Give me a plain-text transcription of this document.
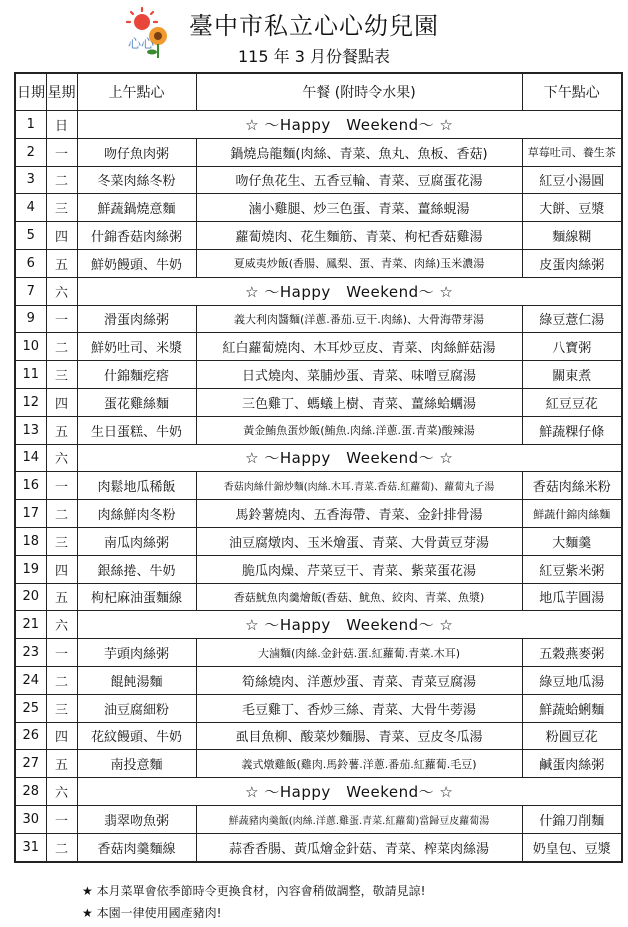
心心
臺中市私立心心幼兒園
115 年 3 月份餐點表
日期	星期	上午點心	午餐 (附時令水果)	下午點心
1	日	☆ ～Happy　Weekend～ ☆		
2	一	吻仔魚肉粥	鍋燒烏龍麵(肉絲、青菜、魚丸、魚板、香菇)	草莓吐司、養生茶
3	二	冬菜肉絲冬粉	吻仔魚花生、五香豆輪、青菜、豆腐蛋花湯	紅豆小湯圓
4	三	鮮蔬鍋燒意麵	滷小雞腿、炒三色蛋、青菜、薑絲蜆湯	大餅、豆漿
5	四	什錦香菇肉絲粥	蘿蔔燒肉、花生麵筋、青菜、枸杞香菇雞湯	麵線糊
6	五	鮮奶饅頭、牛奶	夏威夷炒飯(香腸、鳳梨、蛋、青菜、肉絲)玉米濃湯	皮蛋肉絲粥
7	六	☆ ～Happy　Weekend～ ☆		
9	一	滑蛋肉絲粥	義大利肉醬麵(洋蔥.番茄.豆干.肉絲)、大骨海帶芽湯	綠豆薏仁湯
10	二	鮮奶吐司、米漿	紅白蘿蔔燒肉、木耳炒豆皮、青菜、肉絲鮮菇湯	八寶粥
11	三	什錦麵疙瘩	日式燒肉、菜脯炒蛋、青菜、味噌豆腐湯	關東煮
12	四	蛋花雞絲麵	三色雞丁、螞蟻上樹、青菜、薑絲蛤蠣湯	紅豆豆花
13	五	生日蛋糕、牛奶	黃金鮪魚蛋炒飯(鮪魚.肉絲.洋蔥.蛋.青菜)酸辣湯	鮮蔬粿仔條
14	六	☆ ～Happy　Weekend～ ☆		
16	一	肉鬆地瓜稀飯	香菇肉絲什錦炒麵(肉絲.木耳.青菜.香菇.紅蘿蔔)、蘿蔔丸子湯	香菇肉絲米粉
17	二	肉絲鮮肉冬粉	馬鈴薯燒肉、五香海帶、青菜、金針排骨湯	鮮蔬什錦肉絲麵
18	三	南瓜肉絲粥	油豆腐燉肉、玉米燴蛋、青菜、大骨黃豆芽湯	大麵羹
19	四	銀絲捲、牛奶	脆瓜肉燥、芹菜豆干、青菜、紫菜蛋花湯	紅豆紫米粥
20	五	枸杞麻油蛋麵線	香菇魷魚肉羹燴飯(香菇、魷魚、絞肉、青菜、魚漿)	地瓜芋圓湯
21	六	☆ ～Happy　Weekend～ ☆		
23	一	芋頭肉絲粥	大滷麵(肉絲.金針菇.蛋.紅蘿蔔.青菜.木耳)	五穀燕麥粥
24	二	餛飩湯麵	筍絲燒肉、洋蔥炒蛋、青菜、青菜豆腐湯	綠豆地瓜湯
25	三	油豆腐細粉	毛豆雞丁、香炒三絲、青菜、大骨牛蒡湯	鮮蔬蛤蜊麵
26	四	花紋饅頭、牛奶	虱目魚柳、酸菜炒麵腸、青菜、豆皮冬瓜湯	粉圓豆花
27	五	南投意麵	義式燉雞飯(雞肉.馬鈴薯.洋蔥.番茄.紅蘿蔔.毛豆)	鹹蛋肉絲粥
28	六	☆ ～Happy　Weekend～ ☆		
30	一	翡翠吻魚粥	鮮蔬豬肉羹飯(肉絲.洋蔥.雞蛋.青菜.紅蘿蔔)當歸豆皮蘿蔔湯	什錦刀削麵
31	二	香菇肉羹麵線	蒜香香腸、黃瓜燴金針菇、青菜、榨菜肉絲湯	奶皇包、豆漿
★ 本月菜單會依季節時令更換食材，內容會稍做調整，敬請見諒!
★ 本園一律使用國產豬肉!
